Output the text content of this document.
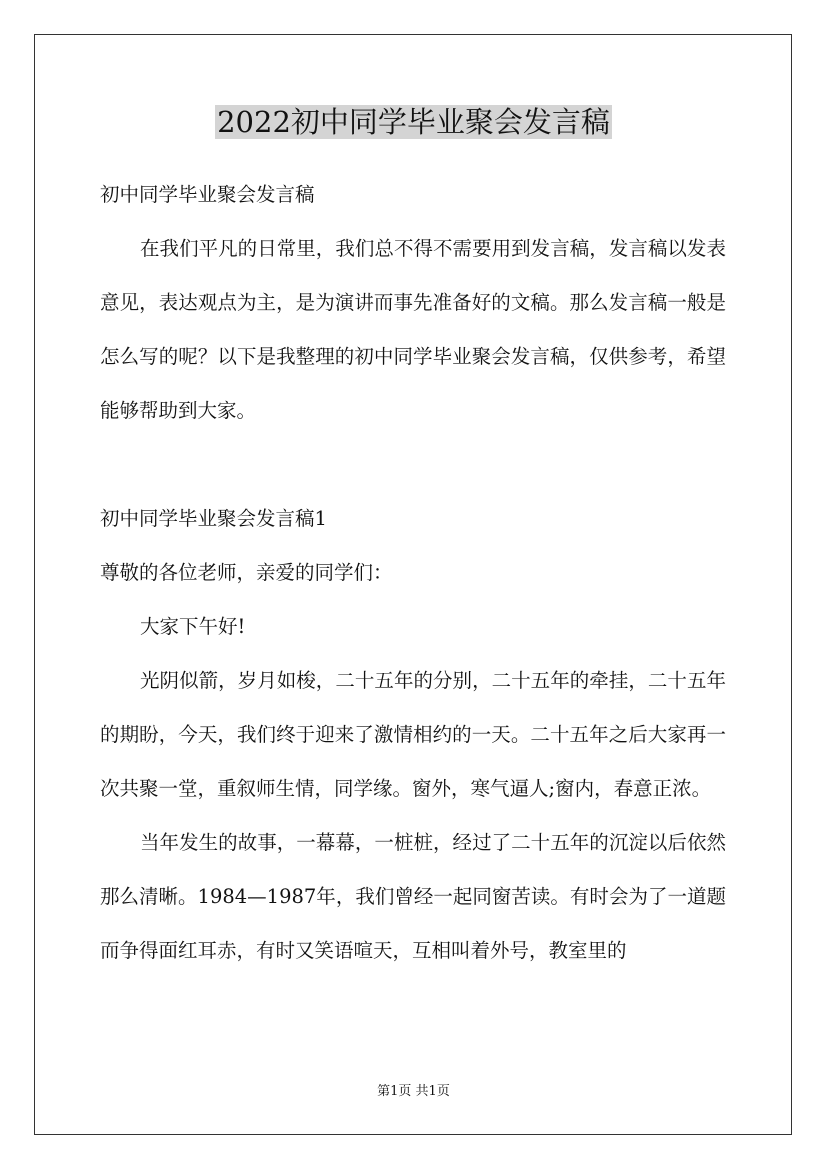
2022初中同学毕业聚会发言稿

初中同学毕业聚会发言稿

在我们平凡的日常里，我们总不得不需要用到发言稿，发言稿以发表意见，表达观点为主，是为演讲而事先准备好的文稿。那么发言稿一般是怎么写的呢？以下是我整理的初中同学毕业聚会发言稿，仅供参考，希望能够帮助到大家。

初中同学毕业聚会发言稿1

尊敬的各位老师，亲爱的同学们：

大家下午好!

光阴似箭，岁月如梭，二十五年的分别，二十五年的牵挂，二十五年的期盼，今天，我们终于迎来了激情相约的一天。二十五年之后大家再一次共聚一堂，重叙师生情，同学缘。窗外，寒气逼人;窗内，春意正浓。

当年发生的故事，一幕幕，一桩桩，经过了二十五年的沉淀以后依然那么清晰。1984—1987年，我们曾经一起同窗苦读。有时会为了一道题而争得面红耳赤，有时又笑语喧天，互相叫着外号，教室里的

第1页 共1页
